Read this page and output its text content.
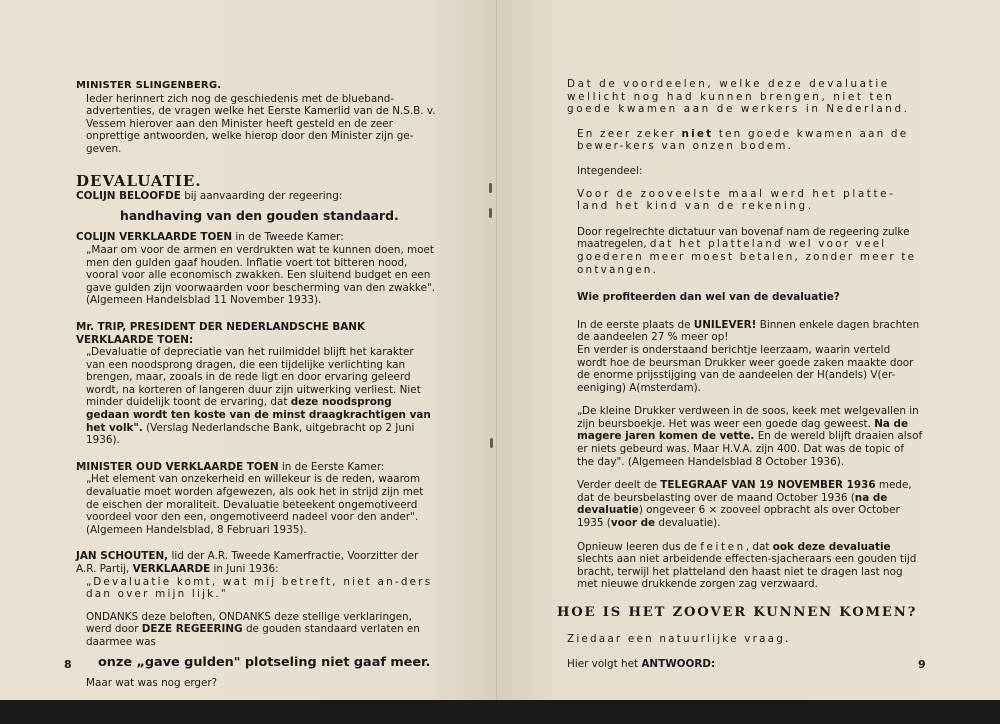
MINISTER SLINGENBERG.

Ieder herinnert zich nog de geschiedenis met de blueband-advertenties, de vragen welke het Eerste Kamerlid van de N.S.B. v. Vessem hierover aan den Minister heeft gesteld en de zeer onprettige antwoorden, welke hierop door den Minister zijn ge-geven.

DEVALUATIE.

COLIJN BELOOFDE bij aanvaarding der regeering:

handhaving van den gouden standaard.

COLIJN VERKLAARDE TOEN in de Tweede Kamer:

„Maar om voor de armen en verdrukten wat te kunnen doen, moet men den gulden gaaf houden. Inflatie voert tot bitteren nood, vooral voor alle economisch zwakken. Een sluitend budget en een gave gulden zijn voorwaarden voor bescherming van den zwakke". (Algemeen Handelsblad 11 November 1933).

Mr. TRIP, PRESIDENT DER NEDERLANDSCHE BANK

VERKLAARDE TOEN:

„Devaluatie of depreciatie van het ruilmiddel blijft het karakter van een noodsprong dragen, die een tijdelijke verlichting kan brengen, maar, zooals in de rede ligt en door ervaring geleerd wordt, na korteren of langeren duur zijn uitwerking verliest. Niet minder duidelijk toont de ervaring, dat deze noodsprong gedaan wordt ten koste van de minst draagkrachtigen van het volk". (Verslag Nederlandsche Bank, uitgebracht op 2 Juni 1936).

MINISTER OUD VERKLAARDE TOEN in de Eerste Kamer:

„Het element van onzekerheid en willekeur is de reden, waarom devaluatie moet worden afgewezen, als ook het in strijd zijn met de eischen der moraliteit. Devaluatie beteekent ongemotiveerd voordeel voor den een, ongemotiveerd nadeel voor den ander". (Algemeen Handelsblad, 8 Februari 1935).

JAN SCHOUTEN, lid der A.R. Tweede Kamerfractie, Voorzitter der A.R. Partij, VERKLAARDE in Juni 1936:

„Devaluatie komt, wat mij betreft, niet an-ders dan over mijn lijk."

ONDANKS deze beloften, ONDANKS deze stellige verklaringen, werd door DEZE REGEERING de gouden standaard verlaten en daarmee was

onze „gave gulden" plotseling niet gaaf meer.

Maar wat was nog erger?

8

Dat de voordeelen, welke deze devaluatie wellicht nog had kunnen brengen, niet ten goede kwamen aan de werkers in Nederland.

En zeer zeker niet ten goede kwamen aan de bewer-kers van onzen bodem.

Integendeel:

Voor de zooveelste maal werd het platte-land het kind van de rekening.

Door regelrechte dictatuur van bovenaf nam de regeering zulke maatregelen, dat het platteland wel voor veel goederen meer moest betalen, zonder meer te ontvangen.

Wie profiteerden dan wel van de devaluatie?

In de eerste plaats de UNILEVER! Binnen enkele dagen brachten de aandeelen 27 % meer op!

En verder is onderstaand berichtje leerzaam, waarin verteld wordt hoe de beursman Drukker weer goede zaken maakte door de enorme prijsstijging van de aandeelen der H(andels) V(er-eeniging) A(msterdam).

„De kleine Drukker verdween in de soos, keek met welgevallen in zijn beursboekje. Het was weer een goede dag geweest. Na de magere jaren komen de vette. En de wereld blijft draaien alsof er niets gebeurd was. Maar H.V.A. zijn 400. Dat was de topic of the day". (Algemeen Handelsblad 8 October 1936).

Verder deelt de TELEGRAAF VAN 19 NOVEMBER 1936 mede, dat de beursbelasting over de maand October 1936 (na de devaluatie) ongeveer 6 × zooveel opbracht als over October 1935 (voor de devaluatie).

Opnieuw leeren dus de feiten, dat ook deze devaluatie slechts aan niet arbeidende effecten-sjacheraars een gouden tijd bracht, terwijl het platteland den haast niet te dragen last nog met nieuwe drukkende zorgen zag verzwaard.

HOE IS HET ZOOVER KUNNEN KOMEN?

Ziedaar een natuurlijke vraag.

Hier volgt het ANTWOORD:	9
